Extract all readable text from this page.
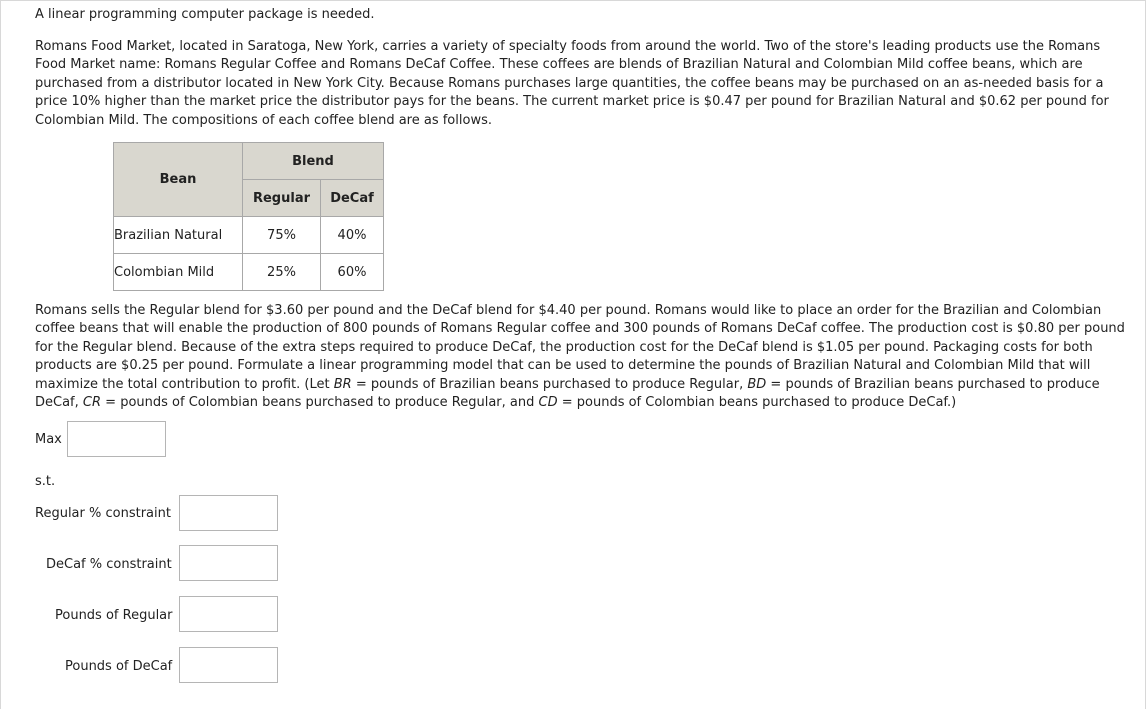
A linear programming computer package is needed.
Romans Food Market, located in Saratoga, New York, carries a variety of specialty foods from around the world. Two of the store's leading products use the Romans
Food Market name: Romans Regular Coffee and Romans DeCaf Coffee. These coffees are blends of Brazilian Natural and Colombian Mild coffee beans, which are
purchased from a distributor located in New York City. Because Romans purchases large quantities, the coffee beans may be purchased on an as-needed basis for a
price 10% higher than the market price the distributor pays for the beans. The current market price is $0.47 per pound for Brazilian Natural and $0.62 per pound for
Colombian Mild. The compositions of each coffee blend are as follows.
Bean	Blend	
	Regular	DeCaf
Brazilian Natural	75%	40%
Colombian Mild	25%	60%
Romans sells the Regular blend for $3.60 per pound and the DeCaf blend for $4.40 per pound. Romans would like to place an order for the Brazilian and Colombian
coffee beans that will enable the production of 800 pounds of Romans Regular coffee and 300 pounds of Romans DeCaf coffee. The production cost is $0.80 per pound
for the Regular blend. Because of the extra steps required to produce DeCaf, the production cost for the DeCaf blend is $1.05 per pound. Packaging costs for both
products are $0.25 per pound. Formulate a linear programming model that can be used to determine the pounds of Brazilian Natural and Colombian Mild that will
maximize the total contribution to profit. (Let BR = pounds of Brazilian beans purchased to produce Regular, BD = pounds of Brazilian beans purchased to produce
DeCaf, CR = pounds of Colombian beans purchased to produce Regular, and CD = pounds of Colombian beans purchased to produce DeCaf.)
Max
s.t.
Regular % constraint
DeCaf % constraint
Pounds of Regular
Pounds of DeCaf
